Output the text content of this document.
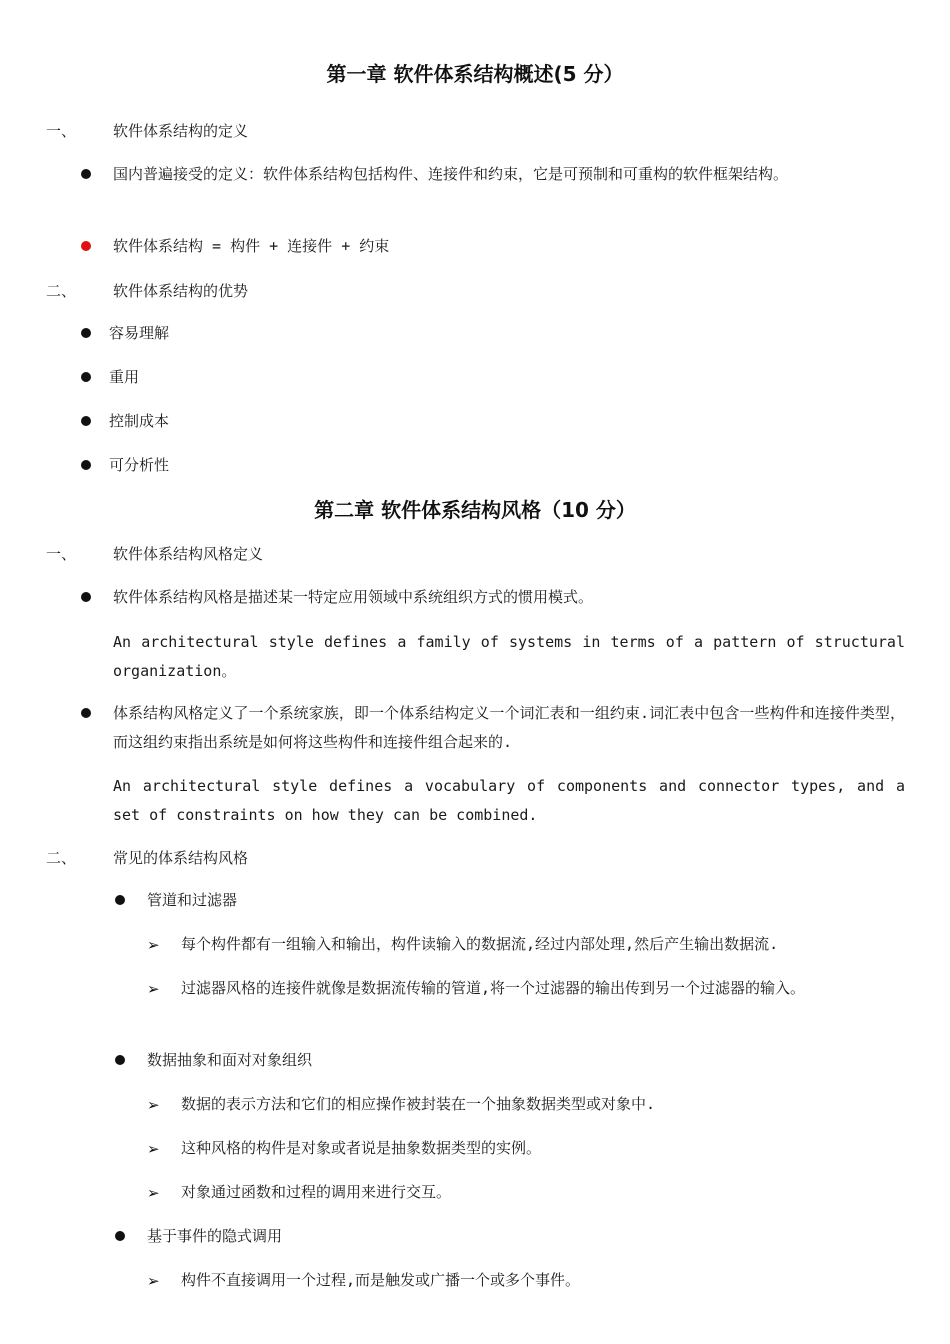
第一章 软件体系结构概述(5 分）
一、 软件体系结构的定义
国内普遍接受的定义：软件体系结构包括构件、连接件和约束，它是可预制和可重构的软件框架结构。
软件体系结构 = 构件 + 连接件 + 约束
二、 软件体系结构的优势
容易理解
重用
控制成本
可分析性
第二章 软件体系结构风格（10 分）
一、 软件体系结构风格定义
软件体系结构风格是描述某一特定应用领域中系统组织方式的惯用模式。
An architectural style defines a family of systems in terms of a pattern of structural organization。
体系结构风格定义了一个系统家族，即一个体系结构定义一个词汇表和一组约束.词汇表中包含一些构件和连接件类型，而这组约束指出系统是如何将这些构件和连接件组合起来的.
An architectural style defines a vocabulary of components and connector types, and a set of constraints on how they can be combined.
二、 常见的体系结构风格
管道和过滤器
➢ 每个构件都有一组输入和输出，构件读输入的数据流,经过内部处理,然后产生输出数据流.
➢ 过滤器风格的连接件就像是数据流传输的管道,将一个过滤器的输出传到另一个过滤器的输入。
数据抽象和面对对象组织
➢ 数据的表示方法和它们的相应操作被封装在一个抽象数据类型或对象中.
➢ 这种风格的构件是对象或者说是抽象数据类型的实例。
➢ 对象通过函数和过程的调用来进行交互。
基于事件的隐式调用
➢ 构件不直接调用一个过程,而是触发或广播一个或多个事件。
